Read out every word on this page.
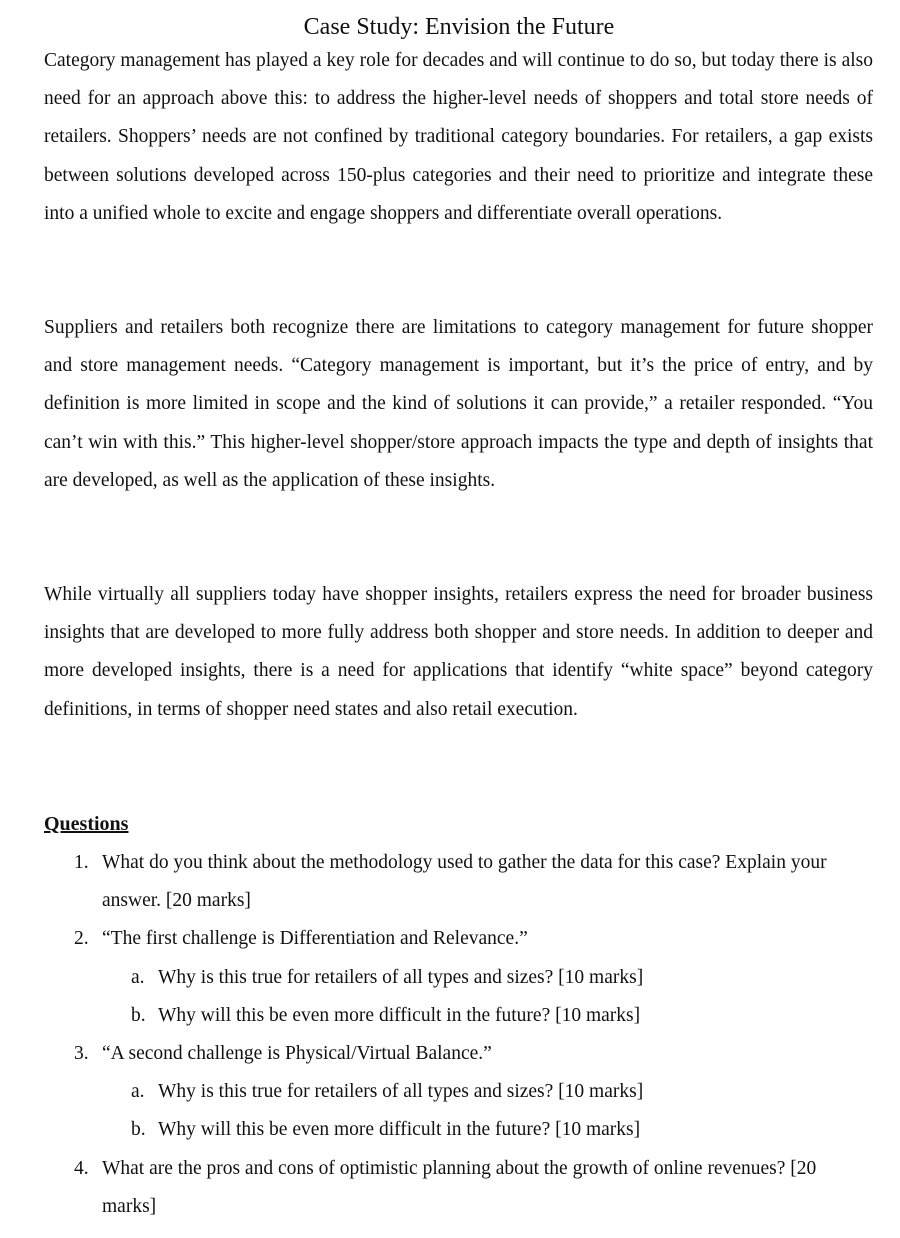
Case Study: Envision the Future

Category management has played a key role for decades and will continue to do so, but today there is also need for an approach above this: to address the higher-level needs of shoppers and total store needs of retailers. Shoppers’ needs are not confined by traditional category boundaries. For retailers, a gap exists between solutions developed across 150-plus categories and their need to prioritize and integrate these into a unified whole to excite and engage shoppers and differentiate overall operations.

Suppliers and retailers both recognize there are limitations to category management for future shopper and store management needs. “Category management is important, but it’s the price of entry, and by definition is more limited in scope and the kind of solutions it can provide,” a retailer responded. “You can’t win with this.” This higher-level shopper/store approach impacts the type and depth of insights that are developed, as well as the application of these insights.

While virtually all suppliers today have shopper insights, retailers express the need for broader business insights that are developed to more fully address both shopper and store needs. In addition to deeper and more developed insights, there is a need for applications that identify “white space” beyond category definitions, in terms of shopper need states and also retail execution.

Questions
1. What do you think about the methodology used to gather the data for this case? Explain your answer. [20 marks]
2. “The first challenge is Differentiation and Relevance.”
a. Why is this true for retailers of all types and sizes? [10 marks]
b. Why will this be even more difficult in the future? [10 marks]
3. “A second challenge is Physical/Virtual Balance.”
a. Why is this true for retailers of all types and sizes? [10 marks]
b. Why will this be even more difficult in the future? [10 marks]
4. What are the pros and cons of optimistic planning about the growth of online revenues? [20 marks]
